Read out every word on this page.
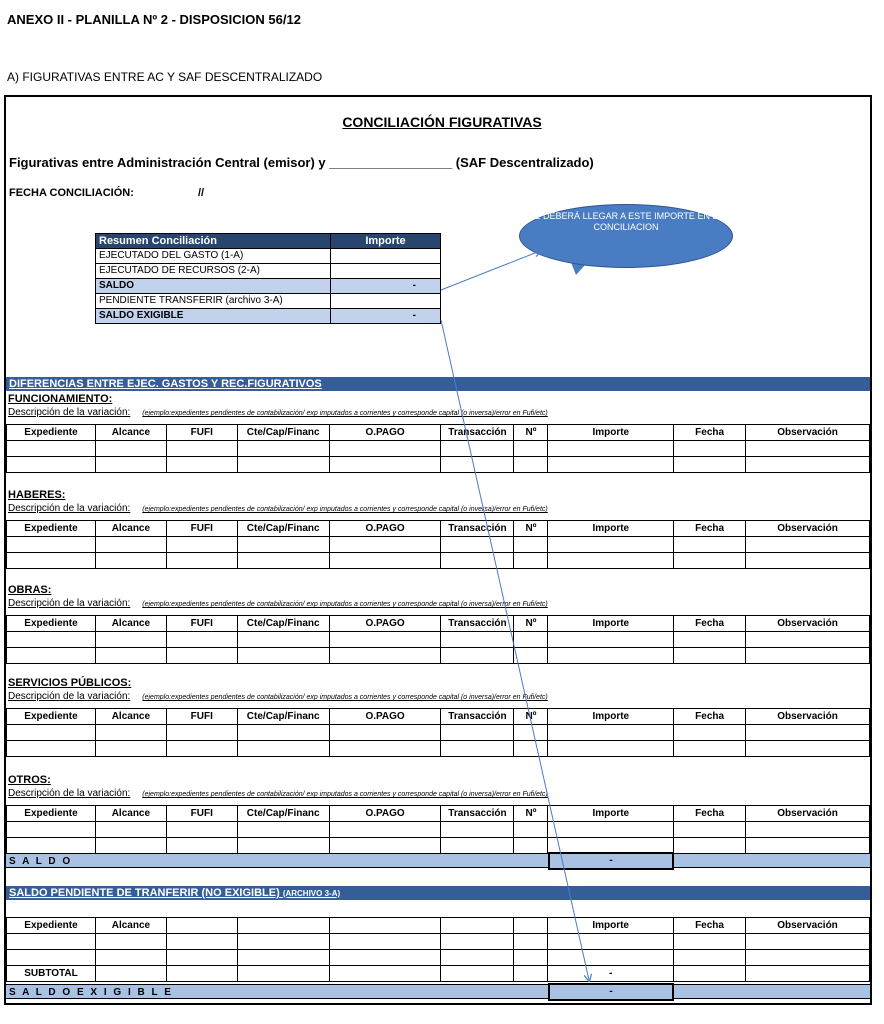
ANEXO II - PLANILLA Nº 2 - DISPOSICION 56/12
A) FIGURATIVAS ENTRE AC Y SAF DESCENTRALIZADO
CONCILIACIÓN FIGURATIVAS
Figurativas entre Administración Central (emisor) y _________________ (SAF Descentralizado)
FECHA CONCILIACIÓN:	//
Resumen Conciliación	Importe
EJECUTADO DEL GASTO (1-A)	
EJECUTADO DE RECURSOS (2-A)	
SALDO	-
PENDIENTE TRANSFERIR (archivo 3-A)	
SALDO EXIGIBLE	-
SE DEBERÁ LLEGAR A ESTE IMPORTE EN LA CONCILIACION
DIFERENCIAS ENTRE EJEC. GASTOS Y REC.FIGURATIVOS
FUNCIONAMIENTO:
Descripción de la variación: (ejemplo:expedientes pendientes de contabilización/ exp imputados a corrientes y corresponde capital (o inversa)/error en Fufi/etc)
Expediente	Alcance	FUFI	Cte/Cap/Financ	O.PAGO	Transacción	Nº	Importe	Fecha	Observación

HABERES:
Descripción de la variación: (ejemplo:expedientes pendientes de contabilización/ exp imputados a corrientes y corresponde capital (o inversa)/error en Fufi/etc)
Expediente	Alcance	FUFI	Cte/Cap/Financ	O.PAGO	Transacción	Nº	Importe	Fecha	Observación

OBRAS:
Descripción de la variación: (ejemplo:expedientes pendientes de contabilización/ exp imputados a corrientes y corresponde capital (o inversa)/error en Fufi/etc)
Expediente	Alcance	FUFI	Cte/Cap/Financ	O.PAGO	Transacción	Nº	Importe	Fecha	Observación

SERVICIOS PÚBLICOS:
Descripción de la variación: (ejemplo:expedientes pendientes de contabilización/ exp imputados a corrientes y corresponde capital (o inversa)/error en Fufi/etc)
Expediente	Alcance	FUFI	Cte/Cap/Financ	O.PAGO	Transacción	Nº	Importe	Fecha	Observación

OTROS:
Descripción de la variación: (ejemplo:expedientes pendientes de contabilización/ exp imputados a corrientes y corresponde capital (o inversa)/error en Fufi/etc)
Expediente	Alcance	FUFI	Cte/Cap/Financ	O.PAGO	Transacción	Nº	Importe	Fecha	Observación

S A L D O	-
SALDO PENDIENTE DE TRANFERIR (NO EXIGIBLE) (ARCHIVO 3-A)
Expediente	Alcance						Importe	Fecha	Observación

SUBTOTAL							-		
S A L D O E X I G I B L E	-
